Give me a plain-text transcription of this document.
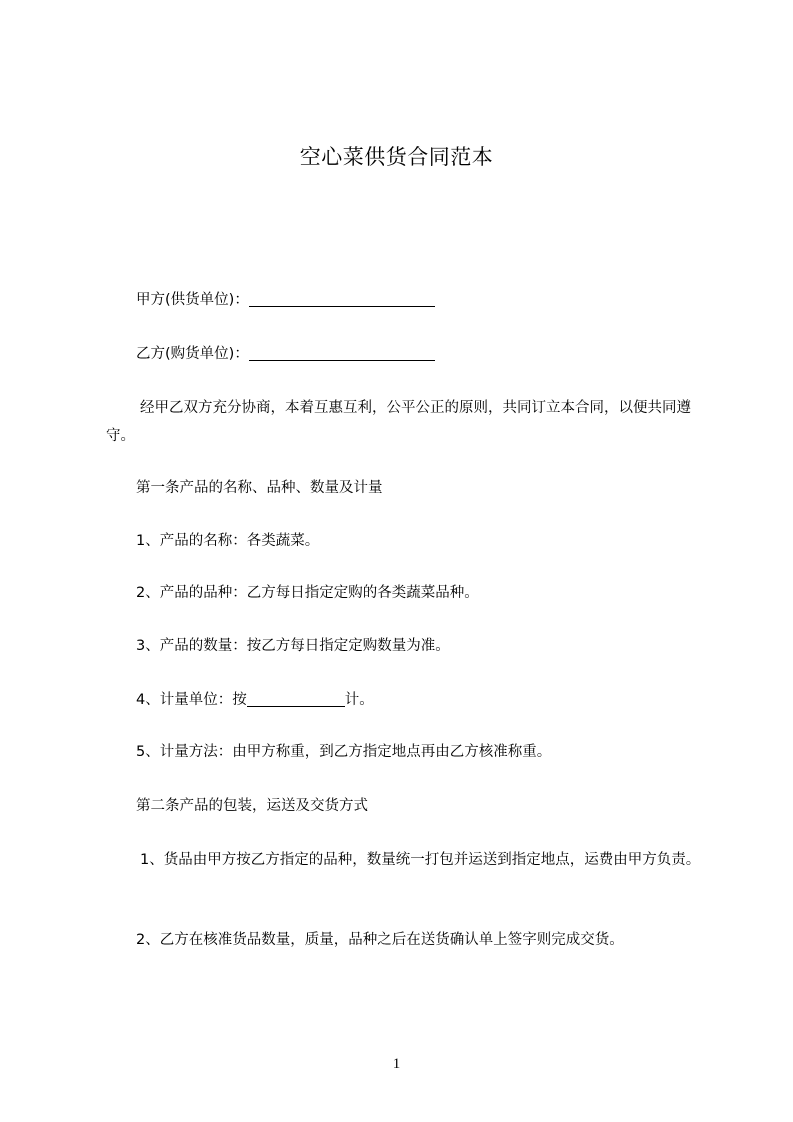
空心菜供货合同范本
甲方(供货单位)：
乙方(购货单位)：
经甲乙双方充分协商，本着互惠互利，公平公正的原则，共同订立本合同，以便共同遵守。
第一条产品的名称、品种、数量及计量
1、产品的名称：各类蔬菜。
2、产品的品种：乙方每日指定定购的各类蔬菜品种。
3、产品的数量：按乙方每日指定定购数量为准。
4、计量单位：按	计。
5、计量方法：由甲方称重，到乙方指定地点再由乙方核准称重。
第二条产品的包装，运送及交货方式
1、货品由甲方按乙方指定的品种，数量统一打包并运送到指定地点，运费由甲方负责。
2、乙方在核准货品数量，质量，品种之后在送货确认单上签字则完成交货。
1
